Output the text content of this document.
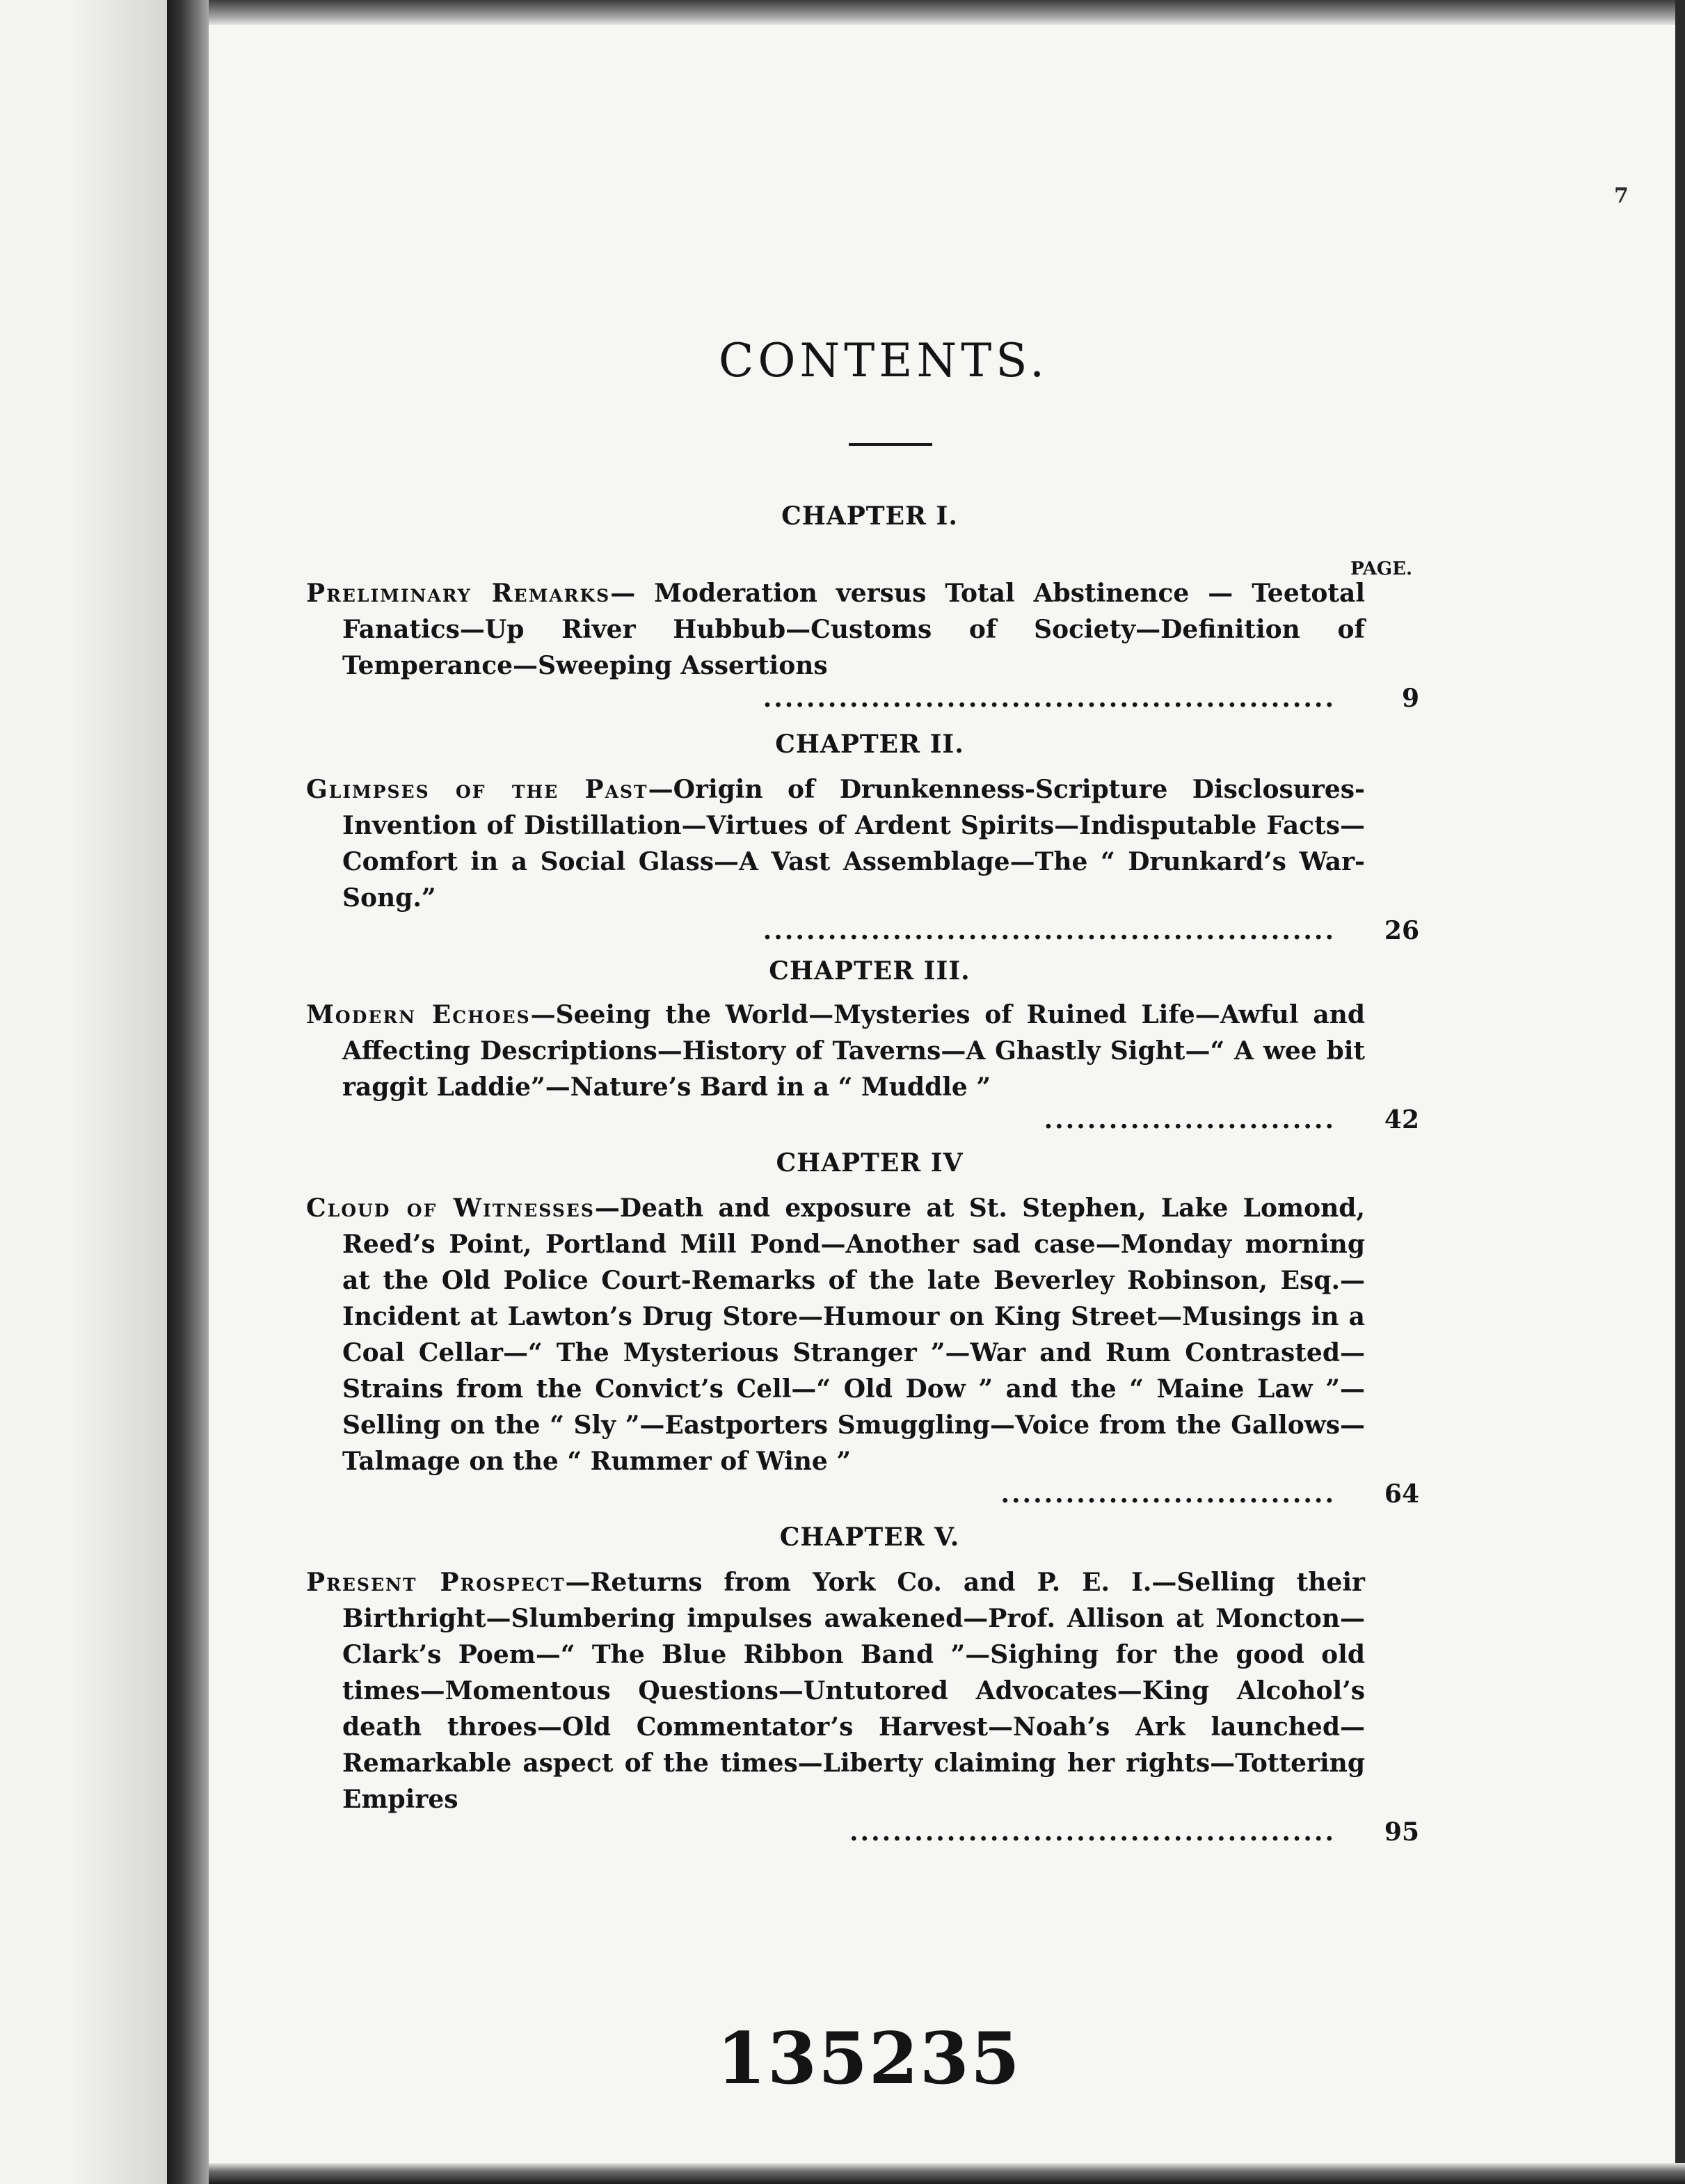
7
CONTENTS.
CHAPTER I.
PAGE.
Preliminary Remarks— Moderation versus Total Abstinence — Teetotal Fanatics—Up River Hubbub—Customs of Society—Definition of Temperance—Sweeping Assertions
.....................................................	9
CHAPTER II.
Glimpses of the Past—Origin of Drunkenness-Scripture Disclosures-Invention of Distillation—Virtues of Ardent Spirits—Indisputable Facts—Comfort in a Social Glass—A Vast Assemblage—The “ Drunkard’s War-Song.”
..................................................... 26
CHAPTER III.
Modern Echoes—Seeing the World—Mysteries of Ruined Life—Awful and Affecting Descriptions—History of Taverns—A Ghastly Sight—“ A wee bit raggit Laddie”—Nature’s Bard in a “ Muddle ”
........................... 42
CHAPTER IV
Cloud of Witnesses—Death and exposure at St. Stephen, Lake Lomond, Reed’s Point, Portland Mill Pond—Another sad case—Monday morning at the Old Police Court-Remarks of the late Beverley Robinson, Esq.—Incident at Lawton’s Drug Store—Humour on King Street—Musings in a Coal Cellar—“ The Mysterious Stranger ”—War and Rum Contrasted—Strains from the Convict’s Cell—“ Old Dow ” and the “ Maine Law ”—Selling on the “ Sly ”—Eastporters Smuggling—Voice from the Gallows—Talmage on the “ Rummer of Wine ”
............................... 64
CHAPTER V.
Present Prospect—Returns from York Co. and P. E. I.—Selling their Birthright—Slumbering impulses awakened—Prof. Allison at Moncton—Clark’s Poem—“ The Blue Ribbon Band ”—Sighing for the good old times—Momentous Questions—Untutored Advocates—King Alcohol’s death throes—Old Commentator’s Harvest—Noah’s Ark launched—Remarkable aspect of the times—Liberty claiming her rights—Tottering Empires
............................................. 95
135235
